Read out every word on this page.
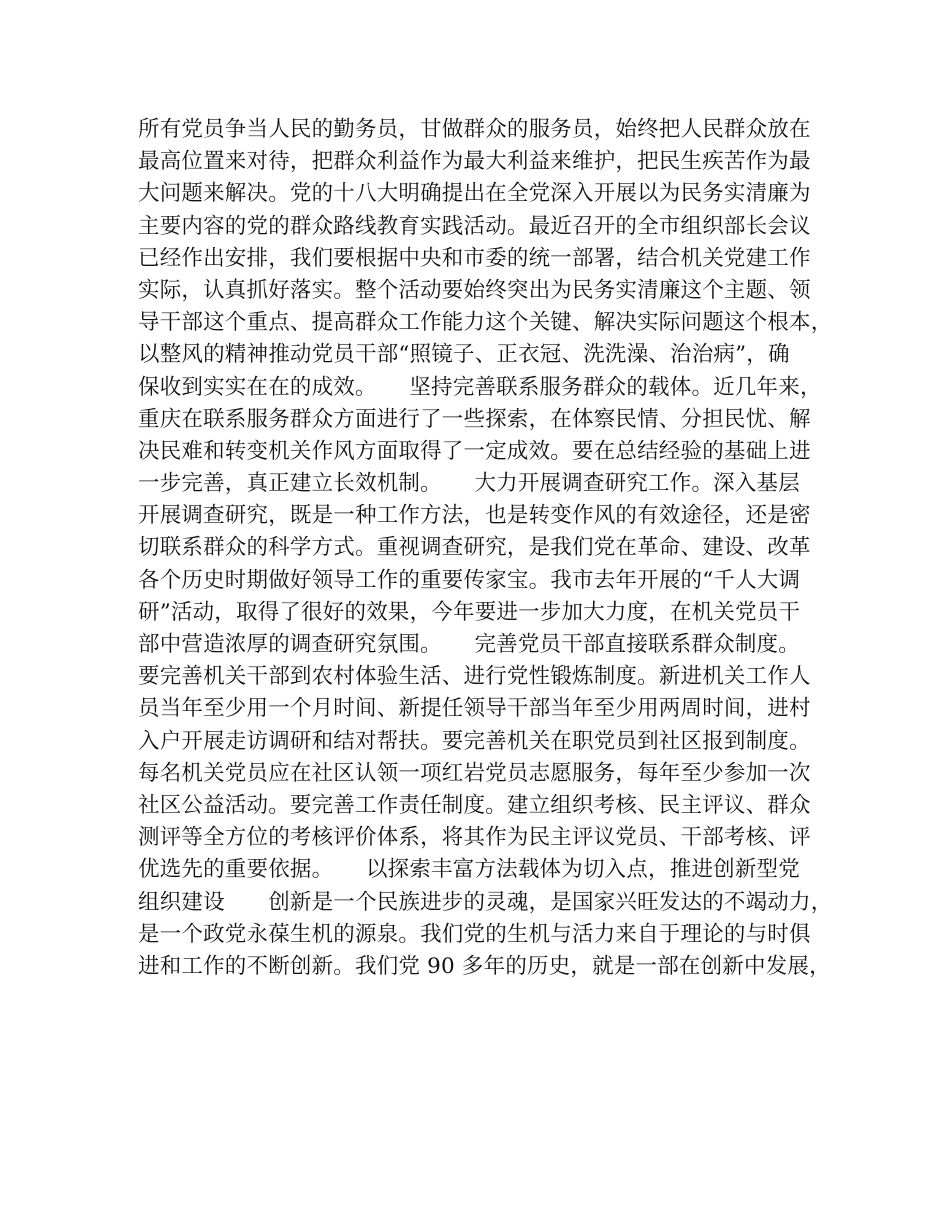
所有党员争当人民的勤务员，甘做群众的服务员，始终把人民群众放在
最高位置来对待，把群众利益作为最大利益来维护，把民生疾苦作为最
大问题来解决。党的十八大明确提出在全党深入开展以为民务实清廉为
主要内容的党的群众路线教育实践活动。最近召开的全市组织部长会议
已经作出安排，我们要根据中央和市委的统一部署，结合机关党建工作
实际，认真抓好落实。整个活动要始终突出为民务实清廉这个主题、领
导干部这个重点、提高群众工作能力这个关键、解决实际问题这个根本，
以整风的精神推动党员干部“照镜子、正衣冠、洗洗澡、治治病”，确
保收到实实在在的成效。　　坚持完善联系服务群众的载体。近几年来，
重庆在联系服务群众方面进行了一些探索，在体察民情、分担民忧、解
决民难和转变机关作风方面取得了一定成效。要在总结经验的基础上进
一步完善，真正建立长效机制。　　大力开展调查研究工作。深入基层
开展调查研究，既是一种工作方法，也是转变作风的有效途径，还是密
切联系群众的科学方式。重视调查研究，是我们党在革命、建设、改革
各个历史时期做好领导工作的重要传家宝。我市去年开展的“千人大调
研”活动，取得了很好的效果，今年要进一步加大力度，在机关党员干
部中营造浓厚的调查研究氛围。　　完善党员干部直接联系群众制度。
要完善机关干部到农村体验生活、进行党性锻炼制度。新进机关工作人
员当年至少用一个月时间、新提任领导干部当年至少用两周时间，进村
入户开展走访调研和结对帮扶。要完善机关在职党员到社区报到制度。
每名机关党员应在社区认领一项红岩党员志愿服务，每年至少参加一次
社区公益活动。要完善工作责任制度。建立组织考核、民主评议、群众
测评等全方位的考核评价体系，将其作为民主评议党员、干部考核、评
优选先的重要依据。　　以探索丰富方法载体为切入点，推进创新型党
组织建设　　创新是一个民族进步的灵魂，是国家兴旺发达的不竭动力，
是一个政党永葆生机的源泉。我们党的生机与活力来自于理论的与时俱
进和工作的不断创新。我们党 90 多年的历史，就是一部在创新中发展，
